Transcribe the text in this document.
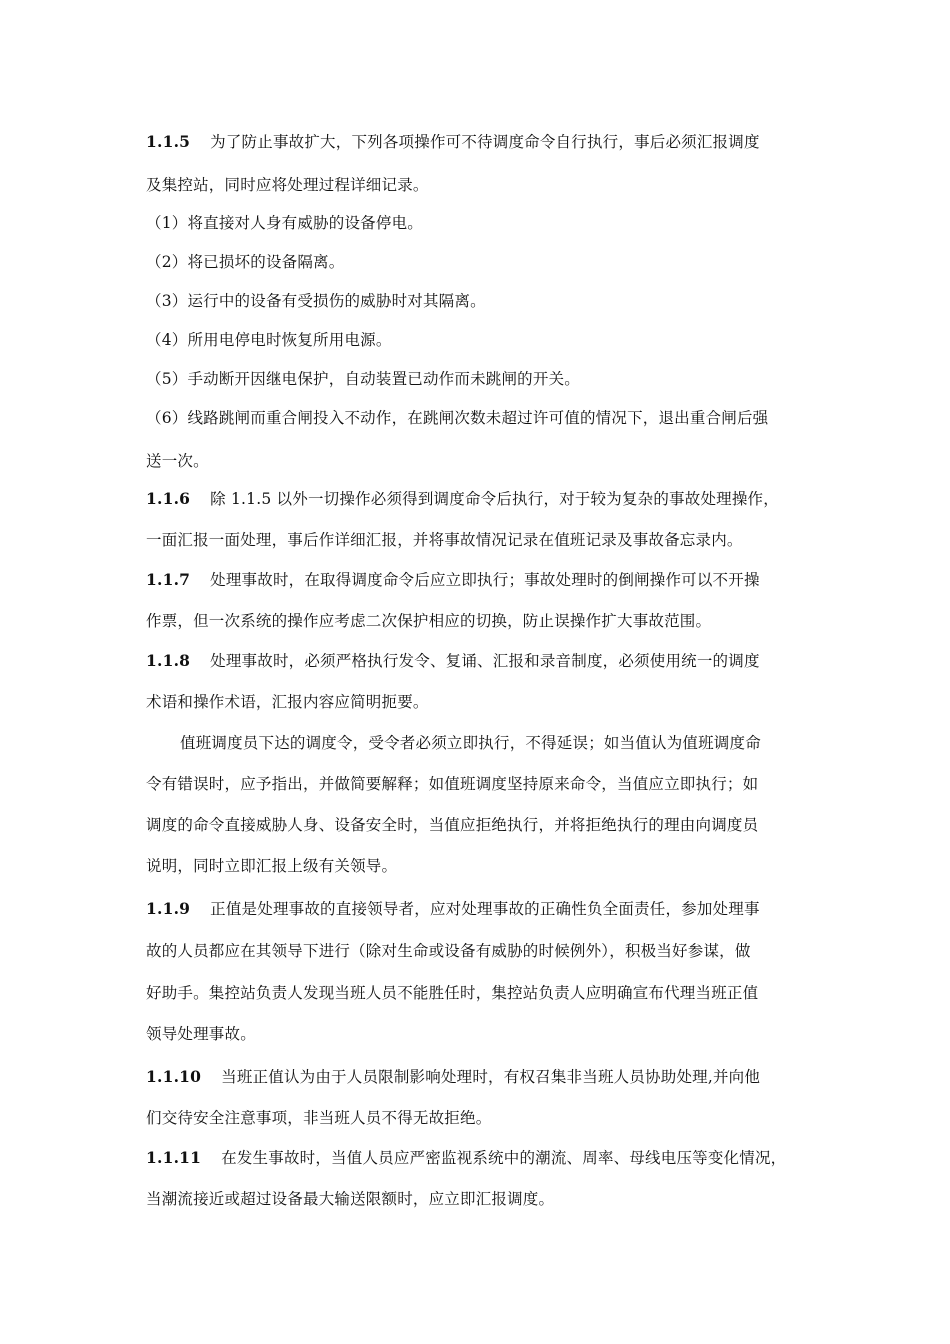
1.1.5 为了防止事故扩大，下列各项操作可不待调度命令自行执行，事后必须汇报调度
及集控站，同时应将处理过程详细记录。
（1）将直接对人身有威胁的设备停电。
（2）将已损坏的设备隔离。
（3）运行中的设备有受损伤的威胁时对其隔离。
（4）所用电停电时恢复所用电源。
（5）手动断开因继电保护，自动装置已动作而未跳闸的开关。
（6）线路跳闸而重合闸投入不动作，在跳闸次数未超过许可值的情况下，退出重合闸后强
送一次。
1.1.6 除 1.1.5 以外一切操作必须得到调度命令后执行，对于较为复杂的事故处理操作，
一面汇报一面处理，事后作详细汇报，并将事故情况记录在值班记录及事故备忘录内。
1.1.7 处理事故时，在取得调度命令后应立即执行；事故处理时的倒闸操作可以不开操
作票，但一次系统的操作应考虑二次保护相应的切换，防止误操作扩大事故范围。
1.1.8 处理事故时，必须严格执行发令、复诵、汇报和录音制度，必须使用统一的调度
术语和操作术语，汇报内容应简明扼要。
值班调度员下达的调度令，受令者必须立即执行，不得延误；如当值认为值班调度命
令有错误时，应予指出，并做简要解释；如值班调度坚持原来命令，当值应立即执行；如
调度的命令直接威胁人身、设备安全时，当值应拒绝执行，并将拒绝执行的理由向调度员
说明，同时立即汇报上级有关领导。
1.1.9 正值是处理事故的直接领导者，应对处理事故的正确性负全面责任，参加处理事
故的人员都应在其领导下进行（除对生命或设备有威胁的时候例外），积极当好参谋，做
好助手。集控站负责人发现当班人员不能胜任时，集控站负责人应明确宣布代理当班正值
领导处理事故。
1.1.10 当班正值认为由于人员限制影响处理时，有权召集非当班人员协助处理,并向他
们交待安全注意事项，非当班人员不得无故拒绝。
1.1.11 在发生事故时，当值人员应严密监视系统中的潮流、周率、母线电压等变化情况，
当潮流接近或超过设备最大输送限额时，应立即汇报调度。
